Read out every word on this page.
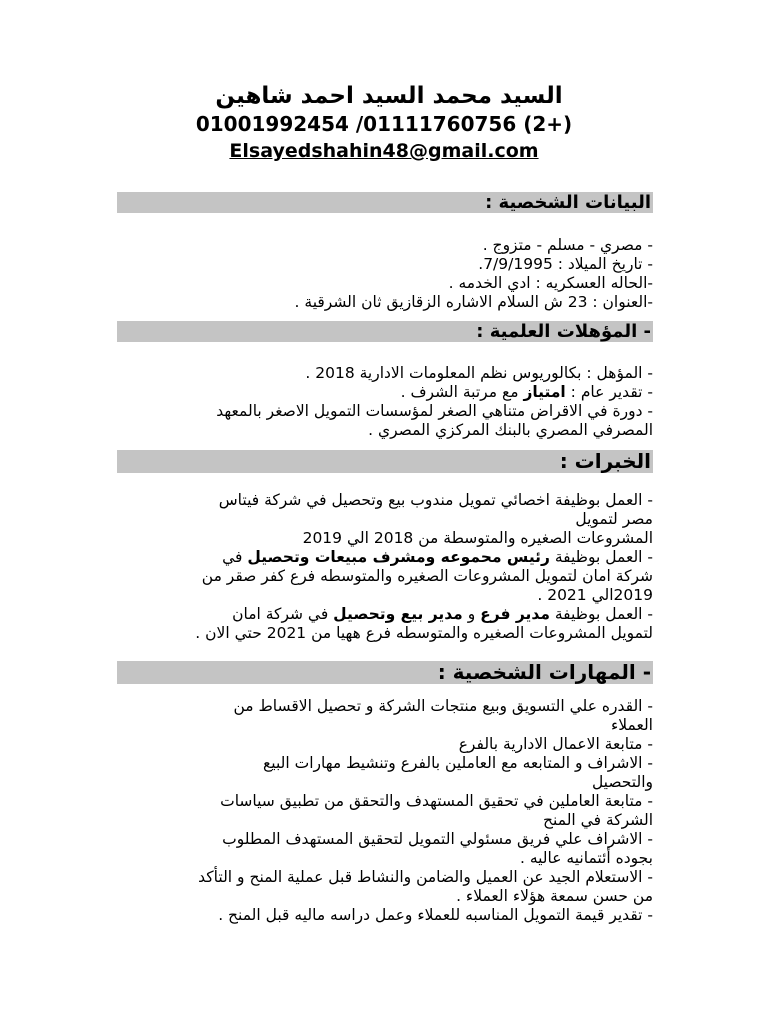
السيد محمد السيد احمد شاهين
01001992454 /01111760756 (2+)
Elsayedshahin48@gmail.com
البيانات الشخصية :

- مصري - مسلم - متزوج .

- تاريخ الميلاد : 7/9/1995.

-الحاله العسكريه : ادي الخدمه .

-العنوان : 23 ش السلام الاشاره الزقازيق ثان الشرقية .

- المؤهلات العلمية :

- المؤهل : بكالوريوس نظم المعلومات الادارية 2018 .

- تقدير عام : امتياز مع مرتبة الشرف .

- دورة في الاقراض متناهي الصغر لمؤسسات التمويل الاصغر بالمعهد

المصرفي المصري بالبنك المركزي المصري .

الخبرات :

- العمل بوظيفة اخصائي تمويل مندوب بيع وتحصيل في شركة فيتاس

مصر لتمويل

المشروعات الصغيره والمتوسطة من 2018 الي 2019

- العمل بوظيفة رئيس محموعه ومشرف مبيعات وتحصيل في

شركة امان لتمويل المشروعات الصغيره والمتوسطه فرع كفر صقر من

2019الي 2021 .

- العمل بوظيفة مدير فرع و مدير بيع وتحصيل في شركة امان

لتمويل المشروعات الصغيره والمتوسطه فرع ههيا من 2021 حتي الان .

- المهارات الشخصية :

- القدره علي التسويق وبيع منتجات الشركة و تحصيل الاقساط من

العملاء

- متابعة الاعمال الادارية بالفرع

- الاشراف و المتابعه مع العاملين بالفرع وتنشيط مهارات البيع

والتحصيل

- متابعة العاملين في تحقيق المستهدف والتحقق من تطبيق سياسات

الشركة في المنح

- الاشراف علي فريق مسئولي التمويل لتحقيق المستهدف المطلوب

بجوده أئتمانيه عاليه .

- الاستعلام الجيد عن العميل والضامن والنشاط قبل عملية المنح و التأكد

من حسن سمعة هؤلاء العملاء .

- تقدير قيمة التمويل المناسبه للعملاء وعمل دراسه ماليه قبل المنح .
